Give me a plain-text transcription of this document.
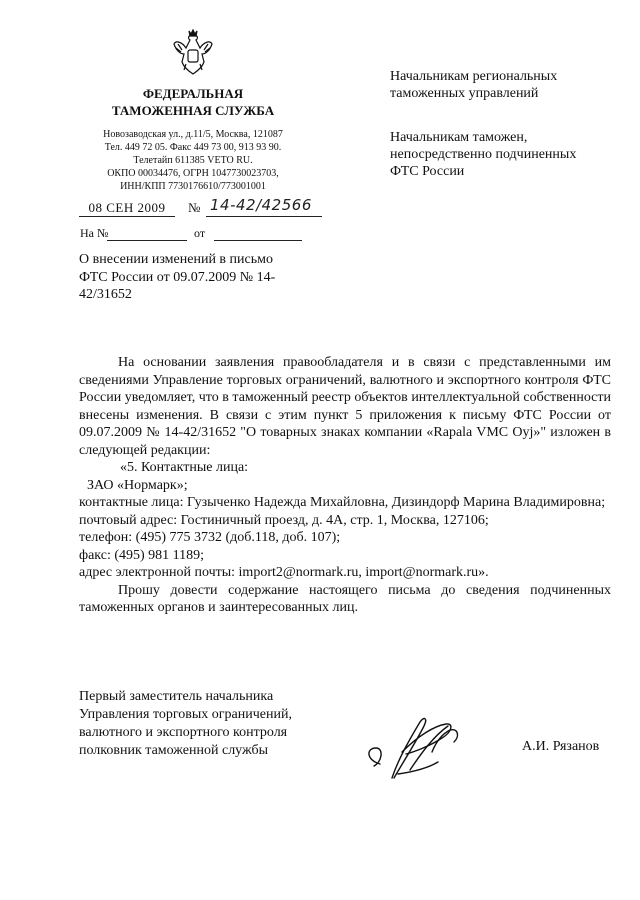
ФЕДЕРАЛЬНАЯ
ТАМОЖЕННАЯ СЛУЖБА
Новозаводская ул., д.11/5, Москва, 121087
Тел. 449 72 05. Факс 449 73 00, 913 93 90.
Телетайп 611385 VETO RU.
ОКПО 00034476, ОГРН 1047730023703,
ИНН/КПП 7730176610/773001001
Начальникам региональных
таможенных управлений
Начальникам таможен,
непосредственно подчиненных
ФТС России
08 СЕН 2009	№ 14-42/42566
На №	от
О внесении изменений в письмо
ФТС России от 09.07.2009 № 14-
42/31652

На основании заявления правообладателя и в связи с представленными им сведениями Управление торговых ограничений, валютного и экспортного контроля ФТС России уведомляет, что в таможенный реестр объектов интеллектуальной собственности внесены изменения. В связи с этим пункт 5 приложения к письму ФТС России от 09.07.2009 № 14-42/31652 "О товарных знаках компании «Rapala VMC Oyj»" изложен в следующей редакции:

«5. Контактные лица:

ЗАО «Нормарк»;

контактные лица: Гузыченко Надежда Михайловна, Дизиндорф Марина Владимировна;

почтовый адрес: Гостиничный проезд, д. 4А, стр. 1, Москва, 127106;

телефон: (495) 775 3732 (доб.118, доб. 107);

факс: (495) 981 1189;

адрес электронной почты: import2@normark.ru, import@normark.ru».

Прошу довести содержание настоящего письма до сведения подчиненных таможенных органов и заинтересованных лиц.

Первый заместитель начальника
Управления торговых ограничений,
валютного и экспортного контроля
полковник таможенной службы	А.И. Рязанов
